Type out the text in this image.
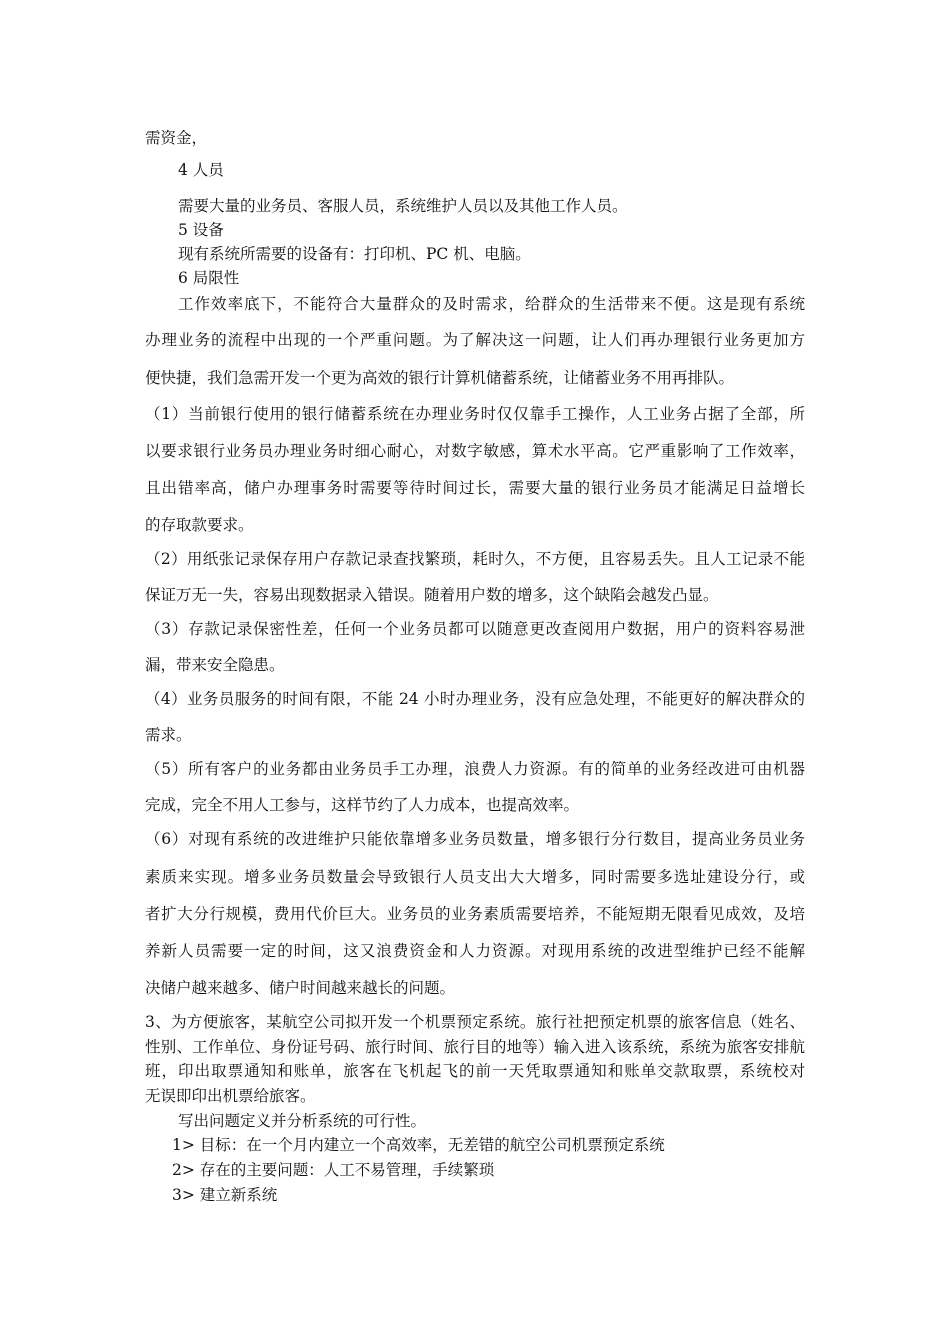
需资金，
4 人员
需要大量的业务员、客服人员，系统维护人员以及其他工作人员。
5 设备
现有系统所需要的设备有：打印机、PC 机、电脑。
6 局限性
工作效率底下，不能符合大量群众的及时需求，给群众的生活带来不便。这是现有系统
办理业务的流程中出现的一个严重问题。为了解决这一问题，让人们再办理银行业务更加方
便快捷，我们急需开发一个更为高效的银行计算机储蓄系统，让储蓄业务不用再排队。
（1）当前银行使用的银行储蓄系统在办理业务时仅仅靠手工操作，人工业务占据了全部，所
以要求银行业务员办理业务时细心耐心，对数字敏感，算术水平高。它严重影响了工作效率，
且出错率高，储户办理事务时需要等待时间过长，需要大量的银行业务员才能满足日益增长
的存取款要求。
（2）用纸张记录保存用户存款记录查找繁琐，耗时久，不方便，且容易丢失。且人工记录不能
保证万无一失，容易出现数据录入错误。随着用户数的增多，这个缺陷会越发凸显。
（3）存款记录保密性差，任何一个业务员都可以随意更改查阅用户数据，用户的资料容易泄
漏，带来安全隐患。
（4）业务员服务的时间有限，不能 24 小时办理业务，没有应急处理，不能更好的解决群众的
需求。
（5）所有客户的业务都由业务员手工办理，浪费人力资源。有的简单的业务经改进可由机器
完成，完全不用人工参与，这样节约了人力成本，也提高效率。
（6）对现有系统的改进维护只能依靠增多业务员数量，增多银行分行数目，提高业务员业务
素质来实现。增多业务员数量会导致银行人员支出大大增多，同时需要多选址建设分行，或
者扩大分行规模，费用代价巨大。业务员的业务素质需要培养，不能短期无限看见成效，及培
养新人员需要一定的时间，这又浪费资金和人力资源。对现用系统的改进型维护已经不能解
决储户越来越多、储户时间越来越长的问题。
3、为方便旅客，某航空公司拟开发一个机票预定系统。旅行社把预定机票的旅客信息（姓名、
性别、工作单位、身份证号码、旅行时间、旅行目的地等）输入进入该系统，系统为旅客安排航
班，印出取票通知和账单，旅客在飞机起飞的前一天凭取票通知和账单交款取票，系统校对
无误即印出机票给旅客。
写出问题定义并分析系统的可行性。
1> 目标：在一个月内建立一个高效率，无差错的航空公司机票预定系统
2> 存在的主要问题：人工不易管理，手续繁琐
3> 建立新系统
